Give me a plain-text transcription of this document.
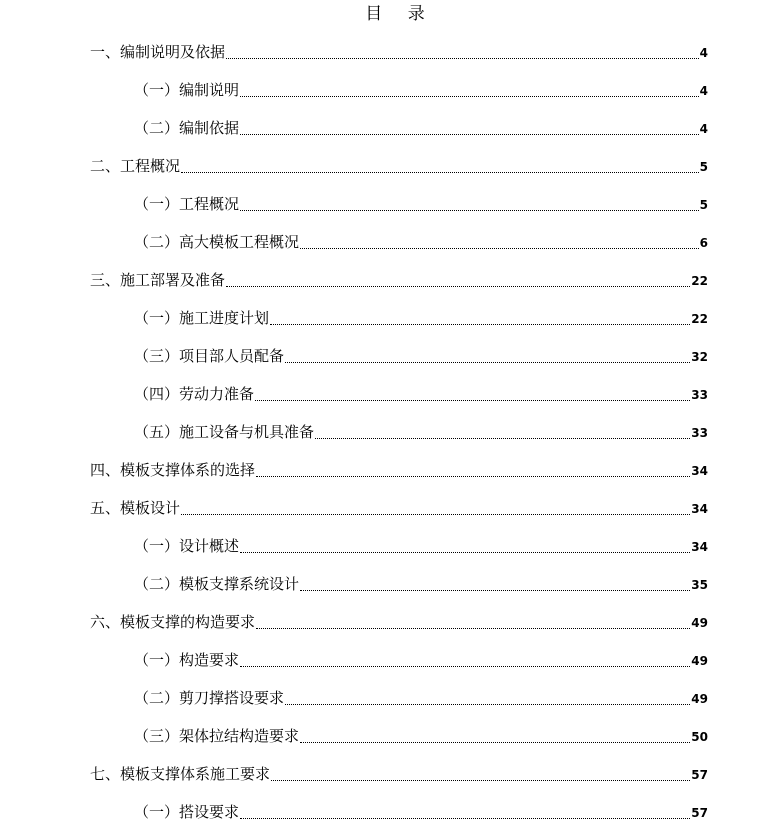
目 录
一、编制说明及依据	4
（一）编制说明	4
（二）编制依据	4
二、工程概况	5
（一）工程概况	5
（二）高大模板工程概况	6
三、施工部署及准备	22
（一）施工进度计划	22
（三）项目部人员配备	32
（四）劳动力准备	33
（五）施工设备与机具准备	33
四、模板支撑体系的选择	34
五、模板设计	34
（一）设计概述	34
（二）模板支撑系统设计	35
六、模板支撑的构造要求	49
（一）构造要求	49
（二）剪刀撑搭设要求	49
（三）架体拉结构造要求	50
七、模板支撑体系施工要求	57
（一）搭设要求	57
